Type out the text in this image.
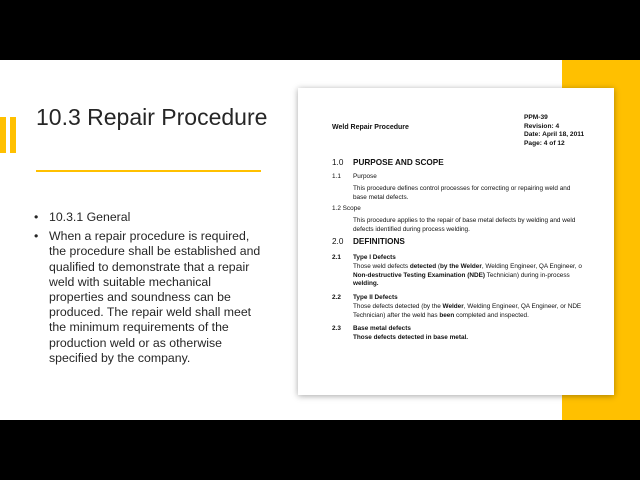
10.3 Repair Procedure
• 10.3.1 General
• When a repair procedure is required, the procedure shall be established and qualified to demonstrate that a repair weld with suitable mechanical properties and soundness can be produced. The repair weld shall meet the minimum requirements of the production weld or as otherwise specified by the company.
Weld Repair Procedure
PPM-39
Revision: 4
Date: April 18, 2011
Page: 4 of 12
1.0 PURPOSE AND SCOPE
1.1 Purpose
This procedure defines control processes for correcting or repairing weld and
base metal defects.
1.2 Scope
This procedure applies to the repair of base metal defects by welding and weld
defects identified during process welding.
2.0 DEFINITIONS
2.1 Type I Defects
Those weld defects detected (by the Welder, Welding Engineer, QA Engineer, o
Non-destructive Testing Examination (NDE) Technician) during in-process
welding.
2.2 Type II Defects
Those defects detected (by the Welder, Welding Engineer, QA Engineer, or NDE
Technician) after the weld has been completed and inspected.
2.3 Base metal defects
Those defects detected in base metal.
